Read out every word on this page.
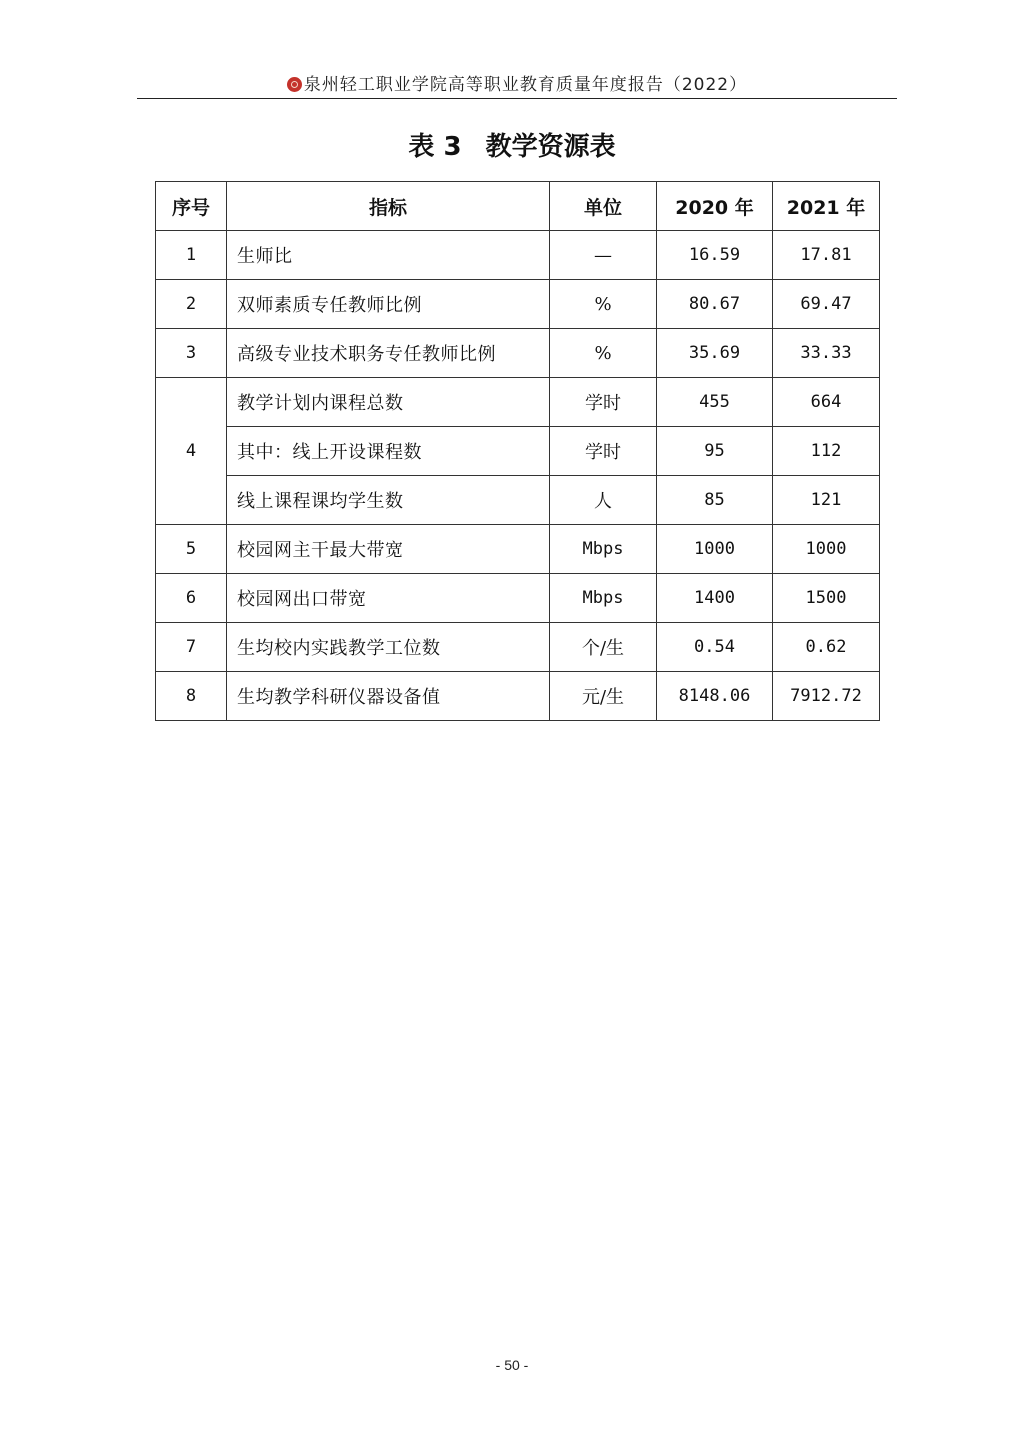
泉州轻工职业学院高等职业教育质量年度报告（2022）
表 3 教学资源表
序号	指标	单位	2020 年	2021 年
1	生师比	—	16.59	17.81
2	双师素质专任教师比例	%	80.67	69.47
3	高级专业技术职务专任教师比例	%	35.69	33.33
4	教学计划内课程总数	学时	455	664
	其中：线上开设课程数	学时	95	112
	线上课程课均学生数	人	85	121
5	校园网主干最大带宽	Mbps	1000	1000
6	校园网出口带宽	Mbps	1400	1500
7	生均校内实践教学工位数	个/生	0.54	0.62
8	生均教学科研仪器设备值	元/生	8148.06	7912.72
- 50 -
